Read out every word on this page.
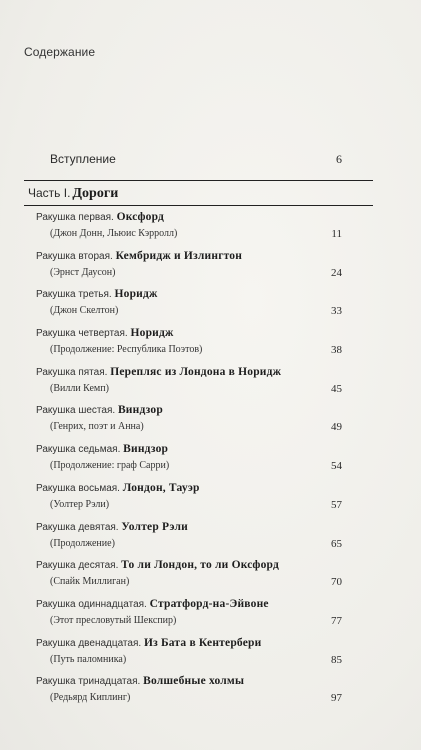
Содержание
Вступление	6
Часть I. Дороги
Ракушка первая. Оксфорд
(Джон Донн, Льюис Кэрролл)	11
Ракушка вторая. Кембридж и Излингтон
(Эрнст Даусон)	24
Ракушка третья. Норидж
(Джон Скелтон)	33
Ракушка четвертая. Норидж
(Продолжение: Республика Поэтов)	38
Ракушка пятая. Перепляс из Лондона в Норидж
(Вилли Кемп)	45
Ракушка шестая. Виндзор
(Генрих, поэт и Анна)	49
Ракушка седьмая. Виндзор
(Продолжение: граф Сарри)	54
Ракушка восьмая. Лондон, Тауэр
(Уолтер Рэли)	57
Ракушка девятая. Уолтер Рэли
(Продолжение)	65
Ракушка десятая. То ли Лондон, то ли Оксфорд
(Спайк Миллиган)	70
Ракушка одиннадцатая. Стратфорд-на-Эйвоне
(Этот пресловутый Шекспир)	77
Ракушка двенадцатая. Из Бата в Кентербери
(Путь паломника)	85
Ракушка тринадцатая. Волшебные холмы
(Редьярд Киплинг)	97
